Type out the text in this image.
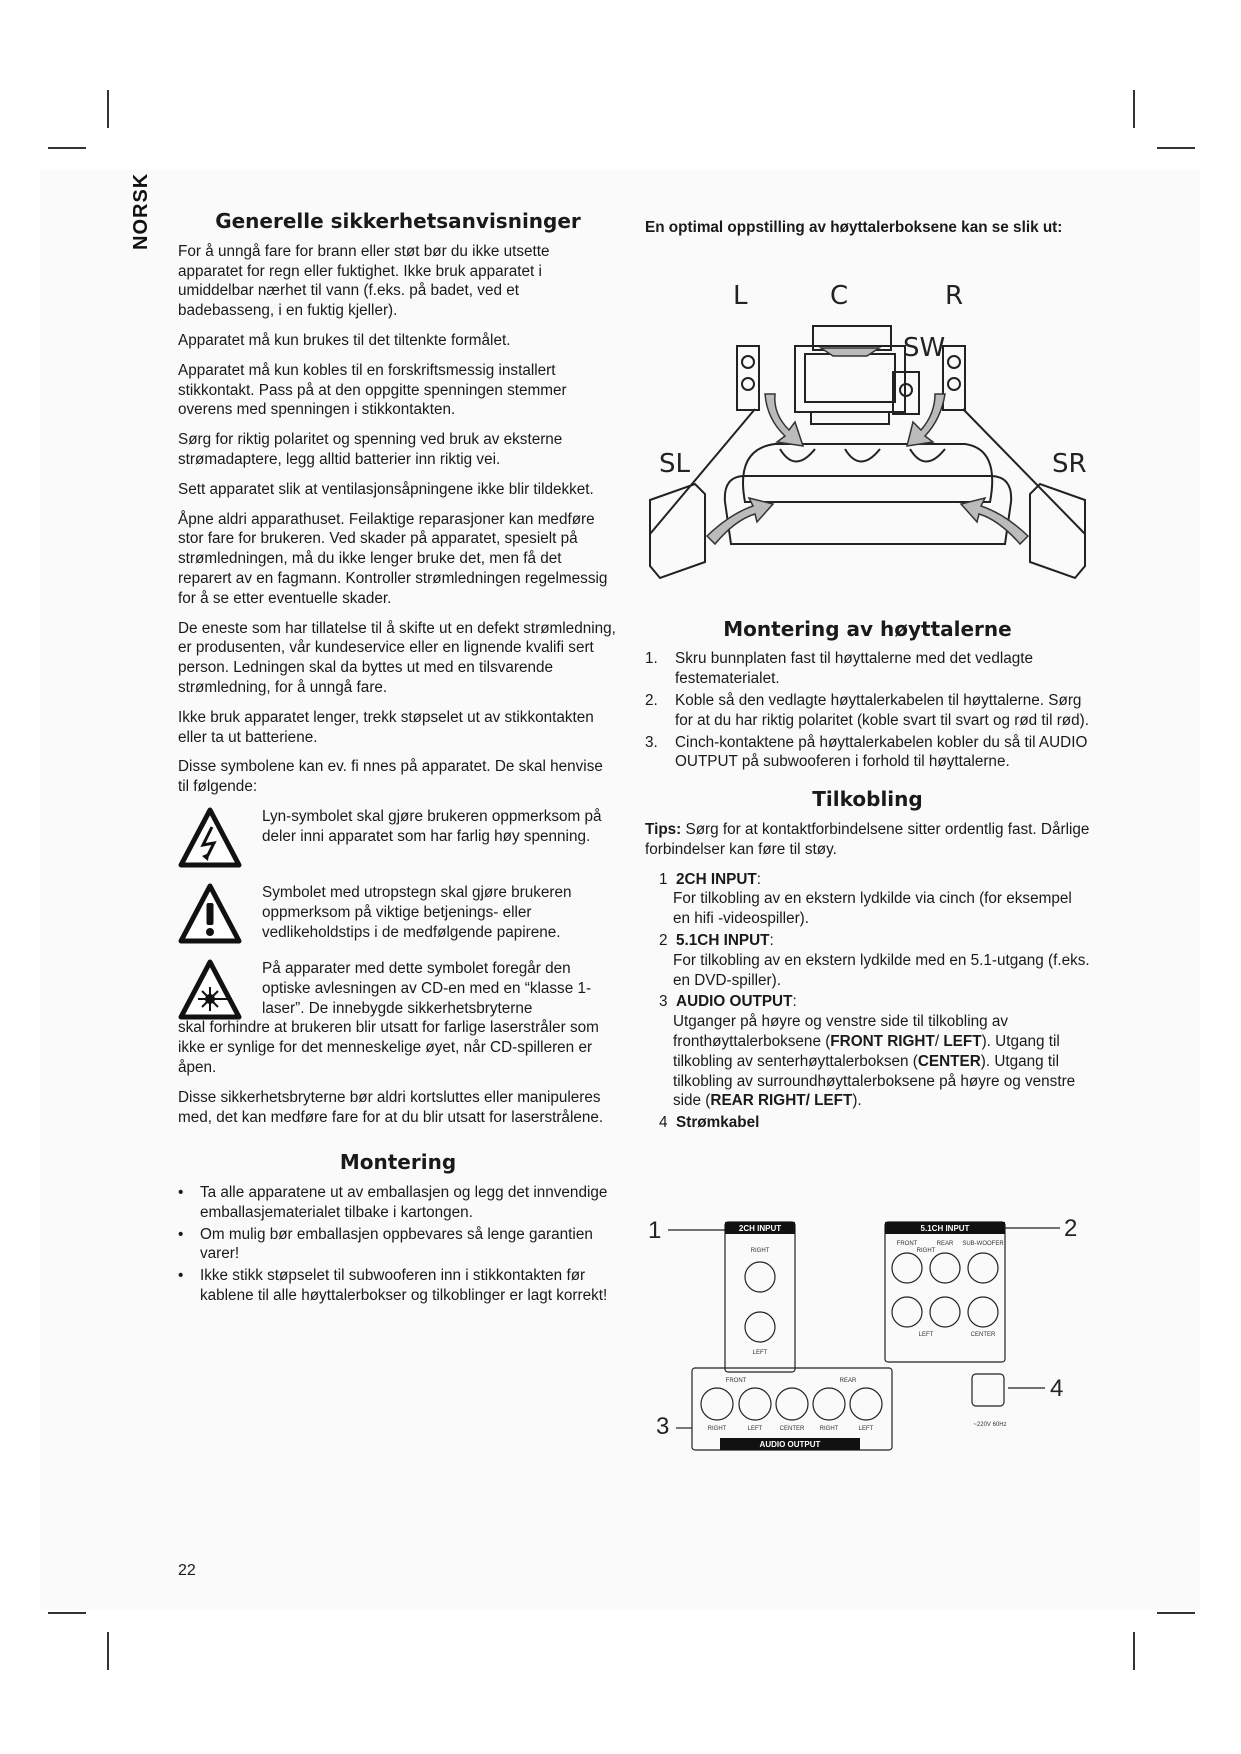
NORSK	Generelle sikkerhetsanvisninger

For å unngå fare for brann eller støt bør du ikke utsette apparatet for regn eller fuktighet. Ikke bruk apparatet i umiddelbar nærhet til vann (f.eks. på badet, ved et badebasseng, i en fuktig kjeller).

Apparatet må kun brukes til det tiltenkte formålet.

Apparatet må kun kobles til en forskriftsmessig installert stikkontakt. Pass på at den oppgitte spenningen stemmer overens med spenningen i stikkontakten.

Sørg for riktig polaritet og spenning ved bruk av eksterne strømadaptere, legg alltid batterier inn riktig vei.

Sett apparatet slik at ventilasjonsåpningene ikke blir tildekket.

Åpne aldri apparathuset. Feilaktige reparasjoner kan medføre stor fare for brukeren. Ved skader på apparatet, spesielt på strømledningen, må du ikke lenger bruke det, men få det reparert av en fagmann. Kontroller strømledningen regelmessig for å se etter eventuelle skader.

De eneste som har tillatelse til å skifte ut en defekt strømledning, er produsenten, vår kundeservice eller en lignende kvalifi sert person. Ledningen skal da byttes ut med en tilsvarende strømledning, for å unngå fare.

Ikke bruk apparatet lenger, trekk støpselet ut av stikkontakten eller ta ut batteriene.

Disse symbolene kan ev. fi nnes på apparatet. De skal henvise til følgende:

Lyn-symbolet skal gjøre brukeren oppmerksom på deler inni apparatet som har farlig høy spenning.
Symbolet med utropstegn skal gjøre brukeren oppmerksom på viktige betjenings- eller vedlikeholdstips i de medfølgende papirene.
På apparater med dette symbolet foregår den optiske avlesningen av CD-en med en “klasse 1-laser”. De innebygde sikkerhetsbryterne
skal forhindre at brukeren blir utsatt for farlige laserstråler som ikke er synlige for det menneskelige øyet, når CD-spilleren er åpen.

Disse sikkerhetsbryterne bør aldri kortsluttes eller manipuleres med, det kan medføre fare for at du blir utsatt for laserstrålene.

Montering
• Ta alle apparatene ut av emballasjen og legg det innvendige emballasjematerialet tilbake i kartongen.
• Om mulig bør emballasjen oppbevares så lenge garantien varer!
• Ikke stikk støpselet til subwooferen inn i stikkontakten før kablene til alle høyttalerbokser og tilkoblinger er lagt korrekt!
En optimal oppstilling av høyttalerboksene kan se slik ut:
L	C	R
SW
SL	SR
Montering av høyttalerne
1. Skru bunnplaten fast til høyttalerne med det vedlagte festematerialet.
2. Koble så den vedlagte høyttalerkabelen til høyttalerne. Sørg for at du har riktig polaritet (koble svart til svart og rød til rød).
3. Cinch-kontaktene på høyttalerkabelen kobler du så til AUDIO OUTPUT på subwooferen i forhold til høyttalerne.
Tilkobling

Tips: Sørg for at kontaktforbindelsene sitter ordentlig fast. Dårlige forbindelser kan føre til støy.

1 2CH INPUT:
For tilkobling av en ekstern lydkilde via cinch (for eksempel en hifi -videospiller).
2 5.1CH INPUT:
For tilkobling av en ekstern lydkilde med en 5.1-utgang (f.eks. en DVD-spiller).
3 AUDIO OUTPUT:
Utganger på høyre og venstre side til tilkobling av fronthøyttalerboksene (FRONT RIGHT/ LEFT). Utgang til tilkobling av senterhøyttalerboksen (CENTER). Utgang til tilkobling av surroundhøyttalerboksene på høyre og venstre side (REAR RIGHT/ LEFT).
4 Strømkabel
1	2
3
4
2CH INPUT	5.1CH INPUT
AUDIO OUTPUT
RIGHT
LEFT
FRONT	REAR SUB-WOOFER
RIGHT
LEFT	CENTER
FRONT	REAR
RIGHT	LEFT	CENTER	RIGHT	LEFT
~220V 60Hz
22
